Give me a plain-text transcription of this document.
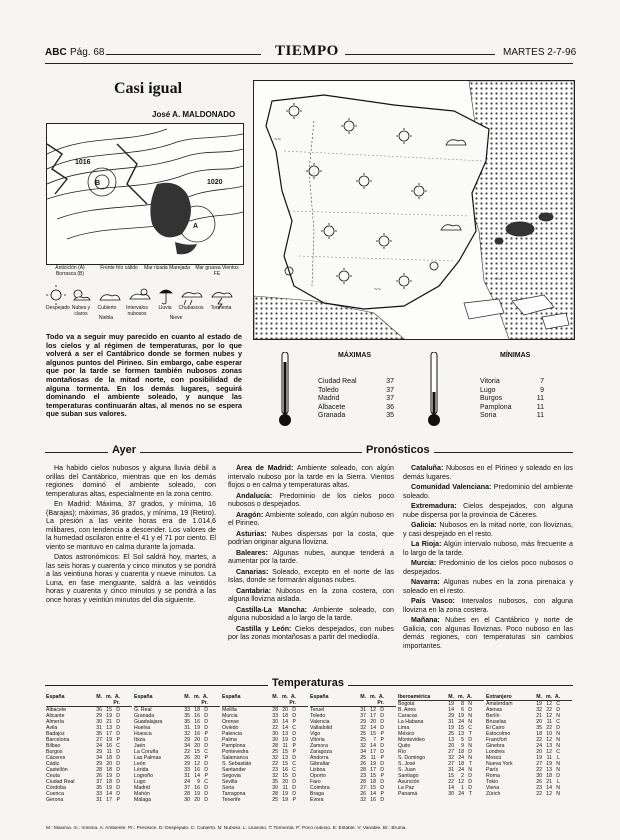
ABC Pág. 68	TIEMPO	MARTES 2-7-96
Casi igual
José A. MALDONADO
B
A
1016
1020
Anticiclón (A) Borrasca (B)
Frente frío cálido	Mar rizada Marejada	Mar gruesa Vientos FE
Despejado Nubes y claros
Cubierto	Intervalos nubosos
Lluvia	Chubascos	Tormenta
Niebla	Nieve
Todo va a seguir muy parecido en cuanto al estado de los cielos y al régimen de temperaturas, por lo que volverá a ser el Cantábrico donde se formen nubes y algunos puntos del Pirineo. Sin embargo, cabe esperar que por la tarde se formen también nubosos zonas montañosas de la mitad norte, con posibilidad de alguna tormenta. En los demás lugares, seguirá dominando el ambiente soleado, y aunque las temperaturas continuarán altas, al menos no se espera que suban sus valores.
~~
~~
~~
MÁXIMAS
Ciudad Real	37
Toledo	37
Madrid	37
Albacete	36
Granada	35
MÍNIMAS
Vitoria	7
Lugo	9
Burgos	11
Pamplona	11
Soria	11
Ayer	Pronósticos

Ha habido cielos nubosos y alguna lluvia débil a orillas del Cantábrico, mientras que en los demás regiones dominó el ambiente soleado, con temperaturas altas, especialmente en la zona centro.

En Madrid: Máxima, 37 grados, y mínima, 16 (Barajas); máximas, 36 grados, y mínima, 19 (Retiro). La presión a las veinte horas era de 1.014,6 milibares, con tendencia a descender. Los valores de la humedad oscilaron entre el 41 y el 71 por ciento. El viento se mantuvo en calma durante la jornada.

Datos astronómicos: El Sol saldrá hoy, martes, a las seis horas y cuarenta y cinco minutos y se pondrá a las veintiuna horas y cuarenta y nueve minutos. La Luna, en fase menguante, saldrá a las veintidós horas y cuarenta y cinco minutos y se pondrá a las once horas y veintiún minutos del día siguiente.

Área de Madrid: Ambiente soleado, con algún intervalo nuboso por la tarde en la Sierra. Vientos flojos o en calma y temperaturas altas.

Andalucía: Predominio de los cielos poco nubosos o despejados.

Aragón: Ambiente soleado, con algún nuboso en el Pirineo.

Asturias: Nubes dispersas por la costa, que podrían originar alguna llovizna.

Baleares: Algunas nubes, aunque tenderá a aumentar por la tarde.

Canarias: Soleado, excepto en el norte de las Islas, donde se formarán algunas nubes.

Cantabria: Nubosos en la zona costera, con alguna llovizna aislada.

Castilla-La Mancha: Ambiente soleado, con alguna nubosidad a lo largo de la tarde.

Castilla y León: Cielos despejados, con nubes por las zonas montañosas a partir del mediodía.

Cataluña: Nubosos en el Pirineo y soleado en los demás lugares.

Comunidad Valenciana: Predominio del ambiente soleado.

Extremadura: Cielos despejados, con alguna nube dispersa por la provincia de Cáceres.

Galicia: Nubosos en la mitad norte, con lloviznas, y casi despejado en el resto.

La Rioja: Algún intervalo nuboso, más frecuente a lo largo de la tarde.

Murcia: Predominio de los cielos poco nubosos o despejados.

Navarra: Algunas nubes en la zona pirenaica y soleado en el resto.

País Vasco: Intervalos nubosos, con alguna llovizna en la zona costera.

Mañana: Nubes en el Cantábrico y norte de Galicia, con algunas lloviznas. Poco nuboso en las demás regiones, con temperaturas sin cambios importantes.

Temperaturas
España	M. m. A. Pr.
Albacete	36 15 D
Alicante	29 19 D
Almería	30 21 D
Ávila	31 13 D
Badajoz	35 17 D
Barcelona	27 19 P
Bilbao	24 16 C
Burgos	29 11 D
Cáceres	34 18 D
Cádiz	29 20 D
Castellón	28 18 D
Ceuta	26 19 D
Ciudad Real	37 18 D
Córdoba	35 19 D
Cuenca	33 14 D
Gerona	31 17 P
España	M. m. A. Pr.
G. Real	33 18 D
Granada	35 16 D
Guadalajara	35 16 D
Huelva	31 19 D
Huesca	32 16 P
Ibiza	29 20 D
Jaén	34 20 D
La Coruña	22 15 C
Las Palmas	26 20 P
León	29 12 D
Lérida	33 16 D
Logroño	31 14 P
Lugo	24	9 C
Madrid	37 16 D
Mahón	28 19 D
Málaga	30 20 D
España	M. m. A. Pr.
Melilla	28 20 D
Murcia	33 18 D
Orense	30 14 P
Oviedo	22 14 C
Palencia	30 13 D
Palma	30 19 D
Pamplona	28 11 P
Pontevedra	25 15 P
Salamanca	32 13 D
S. Sebastián	22 15 C
Santander	23 16 C
Segovia	32 15 D
Sevilla	35 20 D
Soria	30 11 D
Tarragona	28 19 D
Tenerife	25 19 P
España	M. m. A. Pr.
Teruel	31 12 D
Toledo	37 17 D
Valencia	29 20 D
Valladolid	32 14 D
Vigo	25 15 P
Vitoria	25	7 P
Zamora	32 14 D
Zaragoza	34 17 D
Andorra	25 11 P
Gibraltar	26 19 D
Lisboa	28 17 D
Oporto	23 15 P
Faro	28 18 D
Coimbra	27 15 D
Braga	26 14 P
Évora	32 16 D
Iberoamérica	M. m. A.
Bogotá	19	8 N
B. Aires	14	6 D
Caracas	29 19 N
La Habana	31 24 N
Lima	19 15 C
México	25 13 T
Montevideo	13	5 D
Quito	20	9 N
Río	27 18 D
S. Domingo	32 24 N
S. José	27 18 T
S. Juan	31 24 N
Santiago	15	2 D
Asunción	22 12 D
La Paz	14	1 D
Panamá	30 24 T
Extranjero	M. m. A.
Amsterdam	19 12 C
Atenas	32 22 D
Berlín	21 12 N
Bruselas	20 11 C
El Cairo	35 22 D
Estocolmo	18 10 N
Francfort	22 12 N
Ginebra	24 13 N
Londres	20 12 C
Moscú	19 11 L
Nueva York	27 19 N
París	22 13 N
Roma	30 18 D
Tokio	26 21 L
Viena	23 14 N
Zúrich	22 12 N
M.: Máxima. m.: mínima. A: Ambiente. Pr.: Previsión. D: Despejado. C: Cubierto. N: Nuboso. L: Lluvioso. T: Tormenta. P: Poco nuboso. E: Estable. V: Variable. Br.: Bruma.
